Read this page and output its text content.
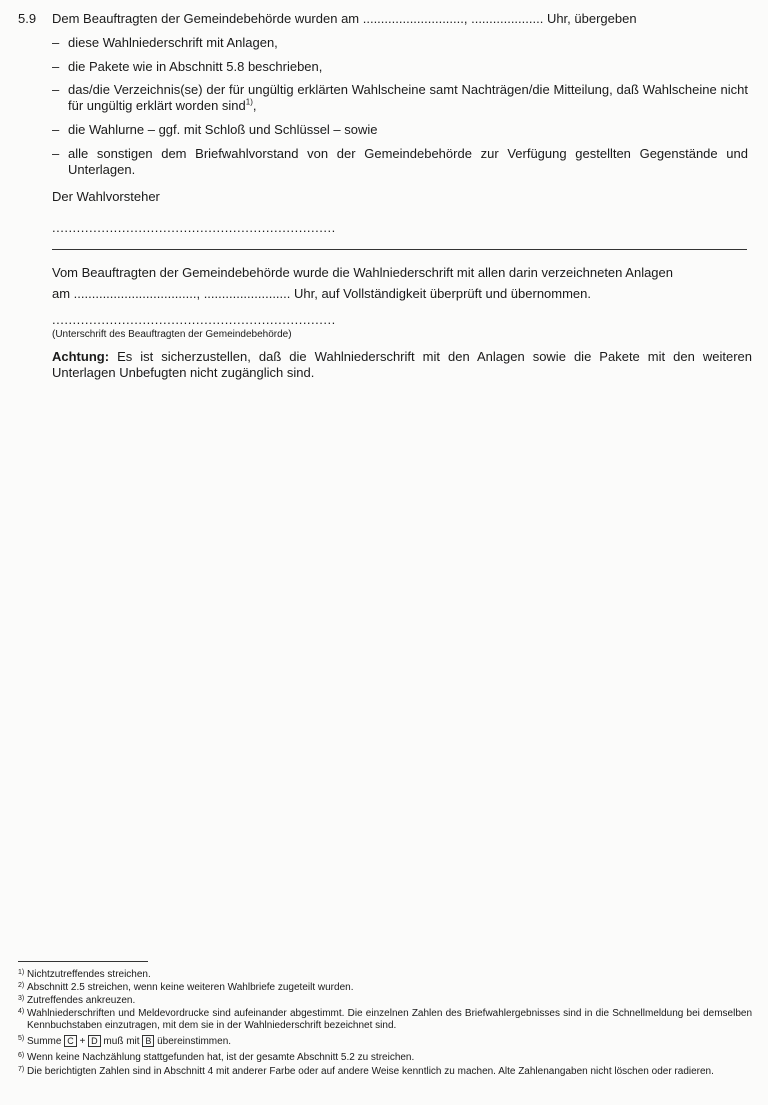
5.9 Dem Beauftragten der Gemeindebehörde wurden am ............................, .................... Uhr, übergeben
– diese Wahlniederschrift mit Anlagen,
– die Pakete wie in Abschnitt 5.8 beschrieben,
– das/die Verzeichnis(se) der für ungültig erklärten Wahlscheine samt Nachträgen/die Mitteilung, daß Wahlscheine nicht für ungültig erklärt worden sind$^{1)}$,
– die Wahlurne – ggf. mit Schloß und Schlüssel – sowie
– alle sonstigen dem Briefwahlvorstand von der Gemeindebehörde zur Verfügung gestellten Gegenstände und Unterlagen.
Der Wahlvorsteher
.....................................................................
Vom Beauftragten der Gemeindebehörde wurde die Wahlniederschrift mit allen darin verzeichneten Anlagen
am .................................., ........................ Uhr, auf Vollständigkeit überprüft und übernommen.
.....................................................................
(Unterschrift des Beauftragten der Gemeindebehörde)
Achtung: Es ist sicherzustellen, daß die Wahlniederschrift mit den Anlagen sowie die Pakete mit den weiteren Unterlagen Unbefugten nicht zugänglich sind.
1) Nichtzutreffendes streichen.
2) Abschnitt 2.5 streichen, wenn keine weiteren Wahlbriefe zugeteilt wurden.
3) Zutreffendes ankreuzen.
4) Wahlniederschriften und Meldevordrucke sind aufeinander abgestimmt. Die einzelnen Zahlen des Briefwahlergebnisses sind in die Schnellmeldung bei demselben Kennbuchstaben einzutragen, mit dem sie in der Wahlniederschrift bezeichnet sind.
5) Summe C + D muß mit B übereinstimmen.
6) Wenn keine Nachzählung stattgefunden hat, ist der gesamte Abschnitt 5.2 zu streichen.
7) Die berichtigten Zahlen sind in Abschnitt 4 mit anderer Farbe oder auf andere Weise kenntlich zu machen. Alte Zahlenangaben nicht löschen oder radieren.
